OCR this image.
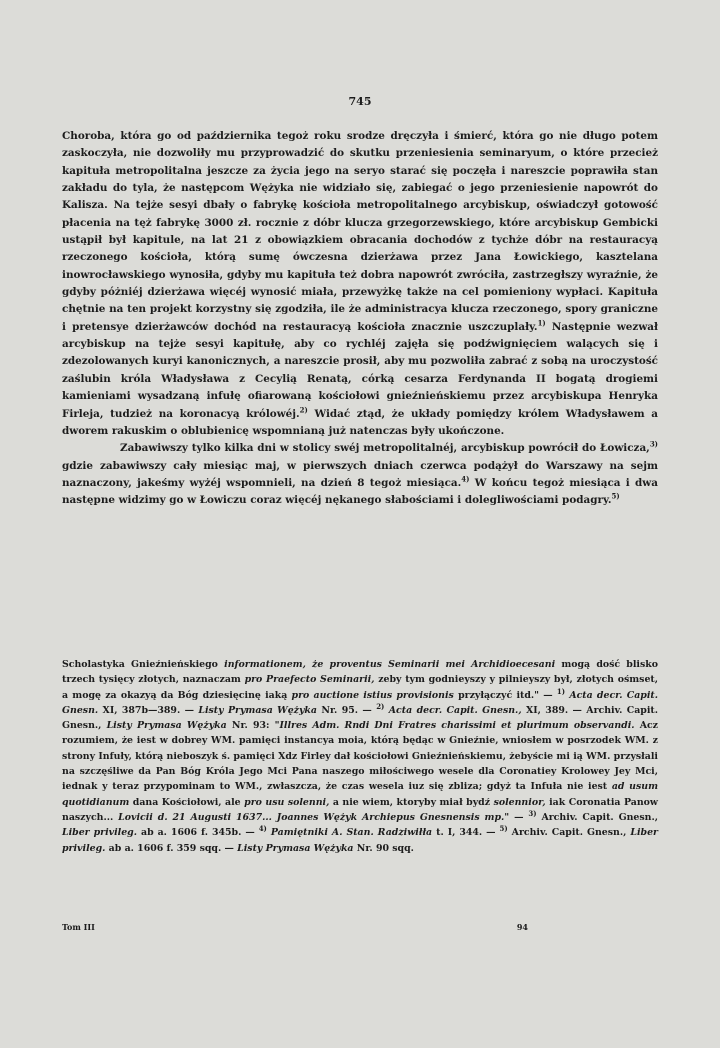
745

Choroba, która go od października tegoż roku srodze dręczyła i śmierć, która go nie długo potem zaskoczyła, nie dozwoliły mu przyprowadzić do skutku przeniesienia seminaryum, o które przecież kapituła metropolitalna jeszcze za życia jego na seryo starać się poczęła i nareszcie poprawiła stan zakładu do tyla, że następcom Wężyka nie widziało się, zabiegać o jego przeniesienie napowrót do Kalisza. Na tejże sesyi dbały o fabrykę kościoła metropolitalnego arcybiskup, oświadczył gotowość płacenia na tęż fabrykę 3000 zł. rocznie z dóbr klucza grzegorzewskiego, które arcybiskup Gembicki ustąpił był kapitule, na lat 21 z obowiązkiem obracania dochodów z tychże dóbr na restauracyą rzeczonego kościoła, którą sumę ówczesna dzierżawa przez Jana Łowickiego, kasztelana inowrocławskiego wynosiła, gdyby mu kapituła też dobra napowrót zwróciła, zastrzegłszy wyraźnie, że gdyby póżniéj dzierżawa więcéj wynosić miała, przewyżkę także na cel pomieniony wypłaci. Kapituła chętnie na ten projekt korzystny się zgodziła, ile że administracya klucza rzeczonego, spory graniczne i pretensye dzierżawców dochód na restauracyą kościoła znacznie uszczuplały.$^{1)}$ Następnie wezwał arcybiskup na tejże sesyi kapitułę, aby co rychléj zajęła się podźwignięciem walących się i zdezolowanych kuryi kanonicznych, a nareszcie prosił, aby mu pozwoliła zabrać z sobą na uroczystość zaślubin króla Władysława z Cecylią Renatą, córką cesarza Ferdynanda II bogatą drogiemi kamieniami wysadzaną infułę ofiarowaną kościołowi gnieźnieńskiemu przez arcybiskupa Henryka Firleja, tudzież na koronacyą królowéj.$^{2)}$ Widać ztąd, że układy pomiędzy królem Władysławem a dworem rakuskim o oblubienicę wspomnianą już natenczas były ukończone.

Zabawiwszy tylko kilka dni w stolicy swéj metropolitalnéj, arcybiskup powrócił do Łowicza,$^{3)}$ gdzie zabawiwszy cały miesiąc maj, w pierwszych dniach czerwca podążył do Warszawy na sejm naznaczony, jakeśmy wyżéj wspomnieli, na dzień 8 tegoż miesiąca.$^{4)}$ W końcu tegoż miesiąca i dwa następne widzimy go w Łowiczu coraz więcéj nękanego słabościami i dolegliwościami podagry.$^{5)}$

Scholastyka Gnieźnieńskiego informationem, że proventus Seminarii mei Archidioecesani mogą dość blisko trzech tysięcy złotych, naznaczam pro Praefecto Seminarii, zeby tym godnieyszy y pilnieyszy był, złotych ośmset, a mogę za okazyą da Bóg dziesięcinę iaką pro auctione istius provisionis przyłączyć itd." — $^{1)}$ Acta decr. Capit. Gnesn. XI, 387b—389. — Listy Prymasa Wężyka Nr. 95. — $^{2)}$ Acta decr. Capit. Gnesn., XI, 389. — Archiv. Capit. Gnesn., Listy Prymasa Wężyka Nr. 93: "Illres Adm. Rndi Dni Fratres charissimi et plurimum observandi. Acz rozumiem, że iest w dobrey WM. pamięci instancya moia, którą będąc w Gnieźnie, wniosłem w posrzodek WM. z strony Infuły, którą nieboszyk ś. pamięci Xdz Firley dał kościołowi Gnieźnieńskiemu, żebyście mi ią WM. przysłali na szczęśliwe da Pan Bóg Króla Jego Mci Pana naszego miłościwego wesele dla Coronatiey Krolowey Jey Mci, iednak y teraz przypominam to WM., zwłaszcza, że czas wesela iuz się zbliza; gdyż ta Infuła nie iest ad usum quotidianum dana Kościołowi, ale pro usu solenni, a nie wiem, ktoryby miał bydź solennior, iak Coronatia Panow naszych... Lovicii d. 21 Augusti 1637... Joannes Wężyk Archiepus Gnesnensis mp." — $^{3)}$ Archiv. Capit. Gnesn., Liber privileg. ab a. 1606 f. 345b. — $^{4)}$ Pamiętniki A. Stan. Radziwiłła t. I, 344. — $^{5)}$ Archiv. Capit. Gnesn., Liber privileg. ab a. 1606 f. 359 sqq. — Listy Prymasa Wężyka Nr. 90 sqq.

Tom III	94
